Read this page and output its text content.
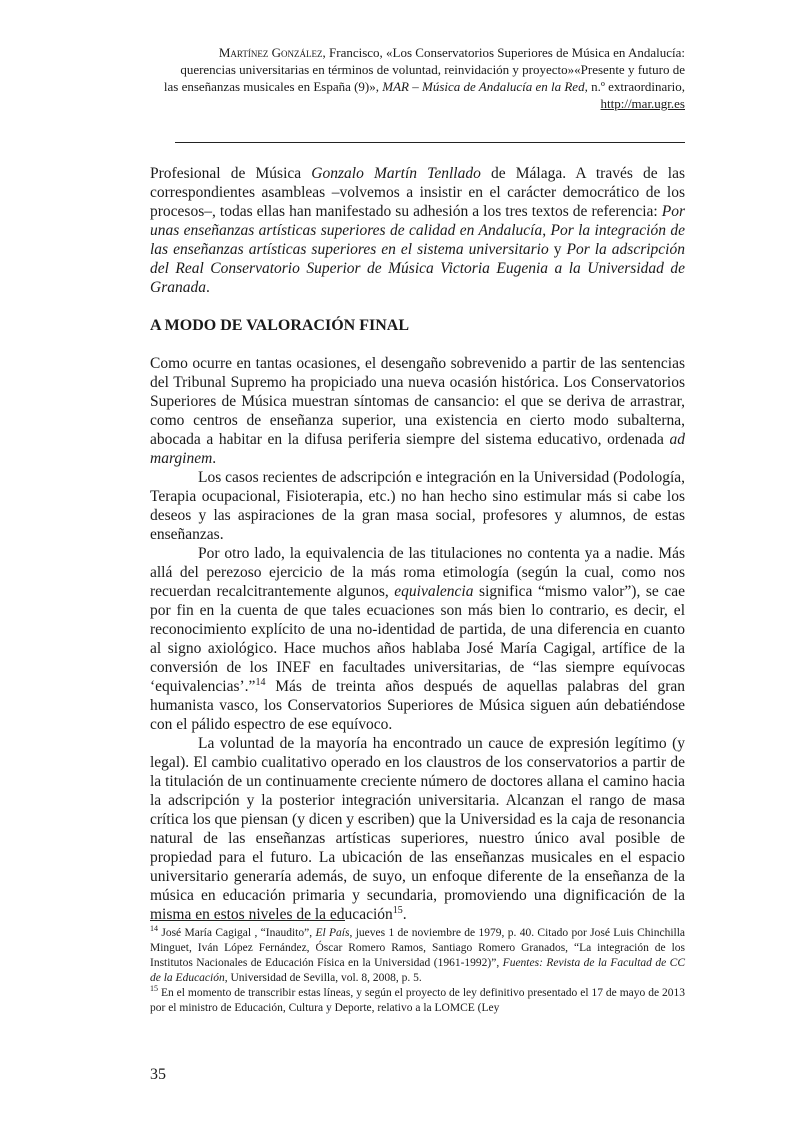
Martínez González, Francisco, «Los Conservatorios Superiores de Música en Andalucía:
querencias universitarias en términos de voluntad, reinvidación y proyecto»«Presente y futuro de
las enseñanzas musicales en España (9)», MAR – Música de Andalucía en la Red, n.º extraordinario,
http://mar.ugr.es

Profesional de Música Gonzalo Martín Tenllado de Málaga. A través de las correspondientes asambleas –volvemos a insistir en el carácter democrático de los procesos–, todas ellas han manifestado su adhesión a los tres textos de referencia: Por unas enseñanzas artísticas superiores de calidad en Andalucía, Por la integración de las enseñanzas artísticas superiores en el sistema universitario y Por la adscripción del Real Conservatorio Superior de Música Victoria Eugenia a la Universidad de Granada.

A MODO DE VALORACIÓN FINAL

Como ocurre en tantas ocasiones, el desengaño sobrevenido a partir de las sentencias del Tribunal Supremo ha propiciado una nueva ocasión histórica. Los Conservatorios Superiores de Música muestran síntomas de cansancio: el que se deriva de arrastrar, como centros de enseñanza superior, una existencia en cierto modo subalterna, abocada a habitar en la difusa periferia siempre del sistema educativo, ordenada ad marginem.

Los casos recientes de adscripción e integración en la Universidad (Podología, Terapia ocupacional, Fisioterapia, etc.) no han hecho sino estimular más si cabe los deseos y las aspiraciones de la gran masa social, profesores y alumnos, de estas enseñanzas.

Por otro lado, la equivalencia de las titulaciones no contenta ya a nadie. Más allá del perezoso ejercicio de la más roma etimología (según la cual, como nos recuerdan recalcitrantemente algunos, equivalencia significa “mismo valor”), se cae por fin en la cuenta de que tales ecuaciones son más bien lo contrario, es decir, el reconocimiento explícito de una no-identidad de partida, de una diferencia en cuanto al signo axiológico. Hace muchos años hablaba José María Cagigal, artífice de la conversión de los INEF en facultades universitarias, de “las siempre equívocas ‘equivalencias’.”$^{14}$ Más de treinta años después de aquellas palabras del gran humanista vasco, los Conservatorios Superiores de Música siguen aún debatiéndose con el pálido espectro de ese equívoco.

La voluntad de la mayoría ha encontrado un cauce de expresión legítimo (y legal). El cambio cualitativo operado en los claustros de los conservatorios a partir de la titulación de un continuamente creciente número de doctores allana el camino hacia la adscripción y la posterior integración universitaria. Alcanzan el rango de masa crítica los que piensan (y dicen y escriben) que la Universidad es la caja de resonancia natural de las enseñanzas artísticas superiores, nuestro único aval posible de propiedad para el futuro. La ubicación de las enseñanzas musicales en el espacio universitario generaría además, de suyo, un enfoque diferente de la enseñanza de la música en educación primaria y secundaria, promoviendo una dignificación de la misma en estos niveles de la educación$^{15}$.

$^{14}$ José María Cagigal , “Inaudito”, El País, jueves 1 de noviembre de 1979, p. 40. Citado por José Luis Chinchilla Minguet, Iván López Fernández, Óscar Romero Ramos, Santiago Romero Granados, “La integración de los Institutos Nacionales de Educación Física en la Universidad (1961-1992)”, Fuentes: Revista de la Facultad de CC de la Educación, Universidad de Sevilla, vol. 8, 2008, p. 5.

$^{15}$ En el momento de transcribir estas líneas, y según el proyecto de ley definitivo presentado el 17 de mayo de 2013 por el ministro de Educación, Cultura y Deporte, relativo a la LOMCE (Ley

35
